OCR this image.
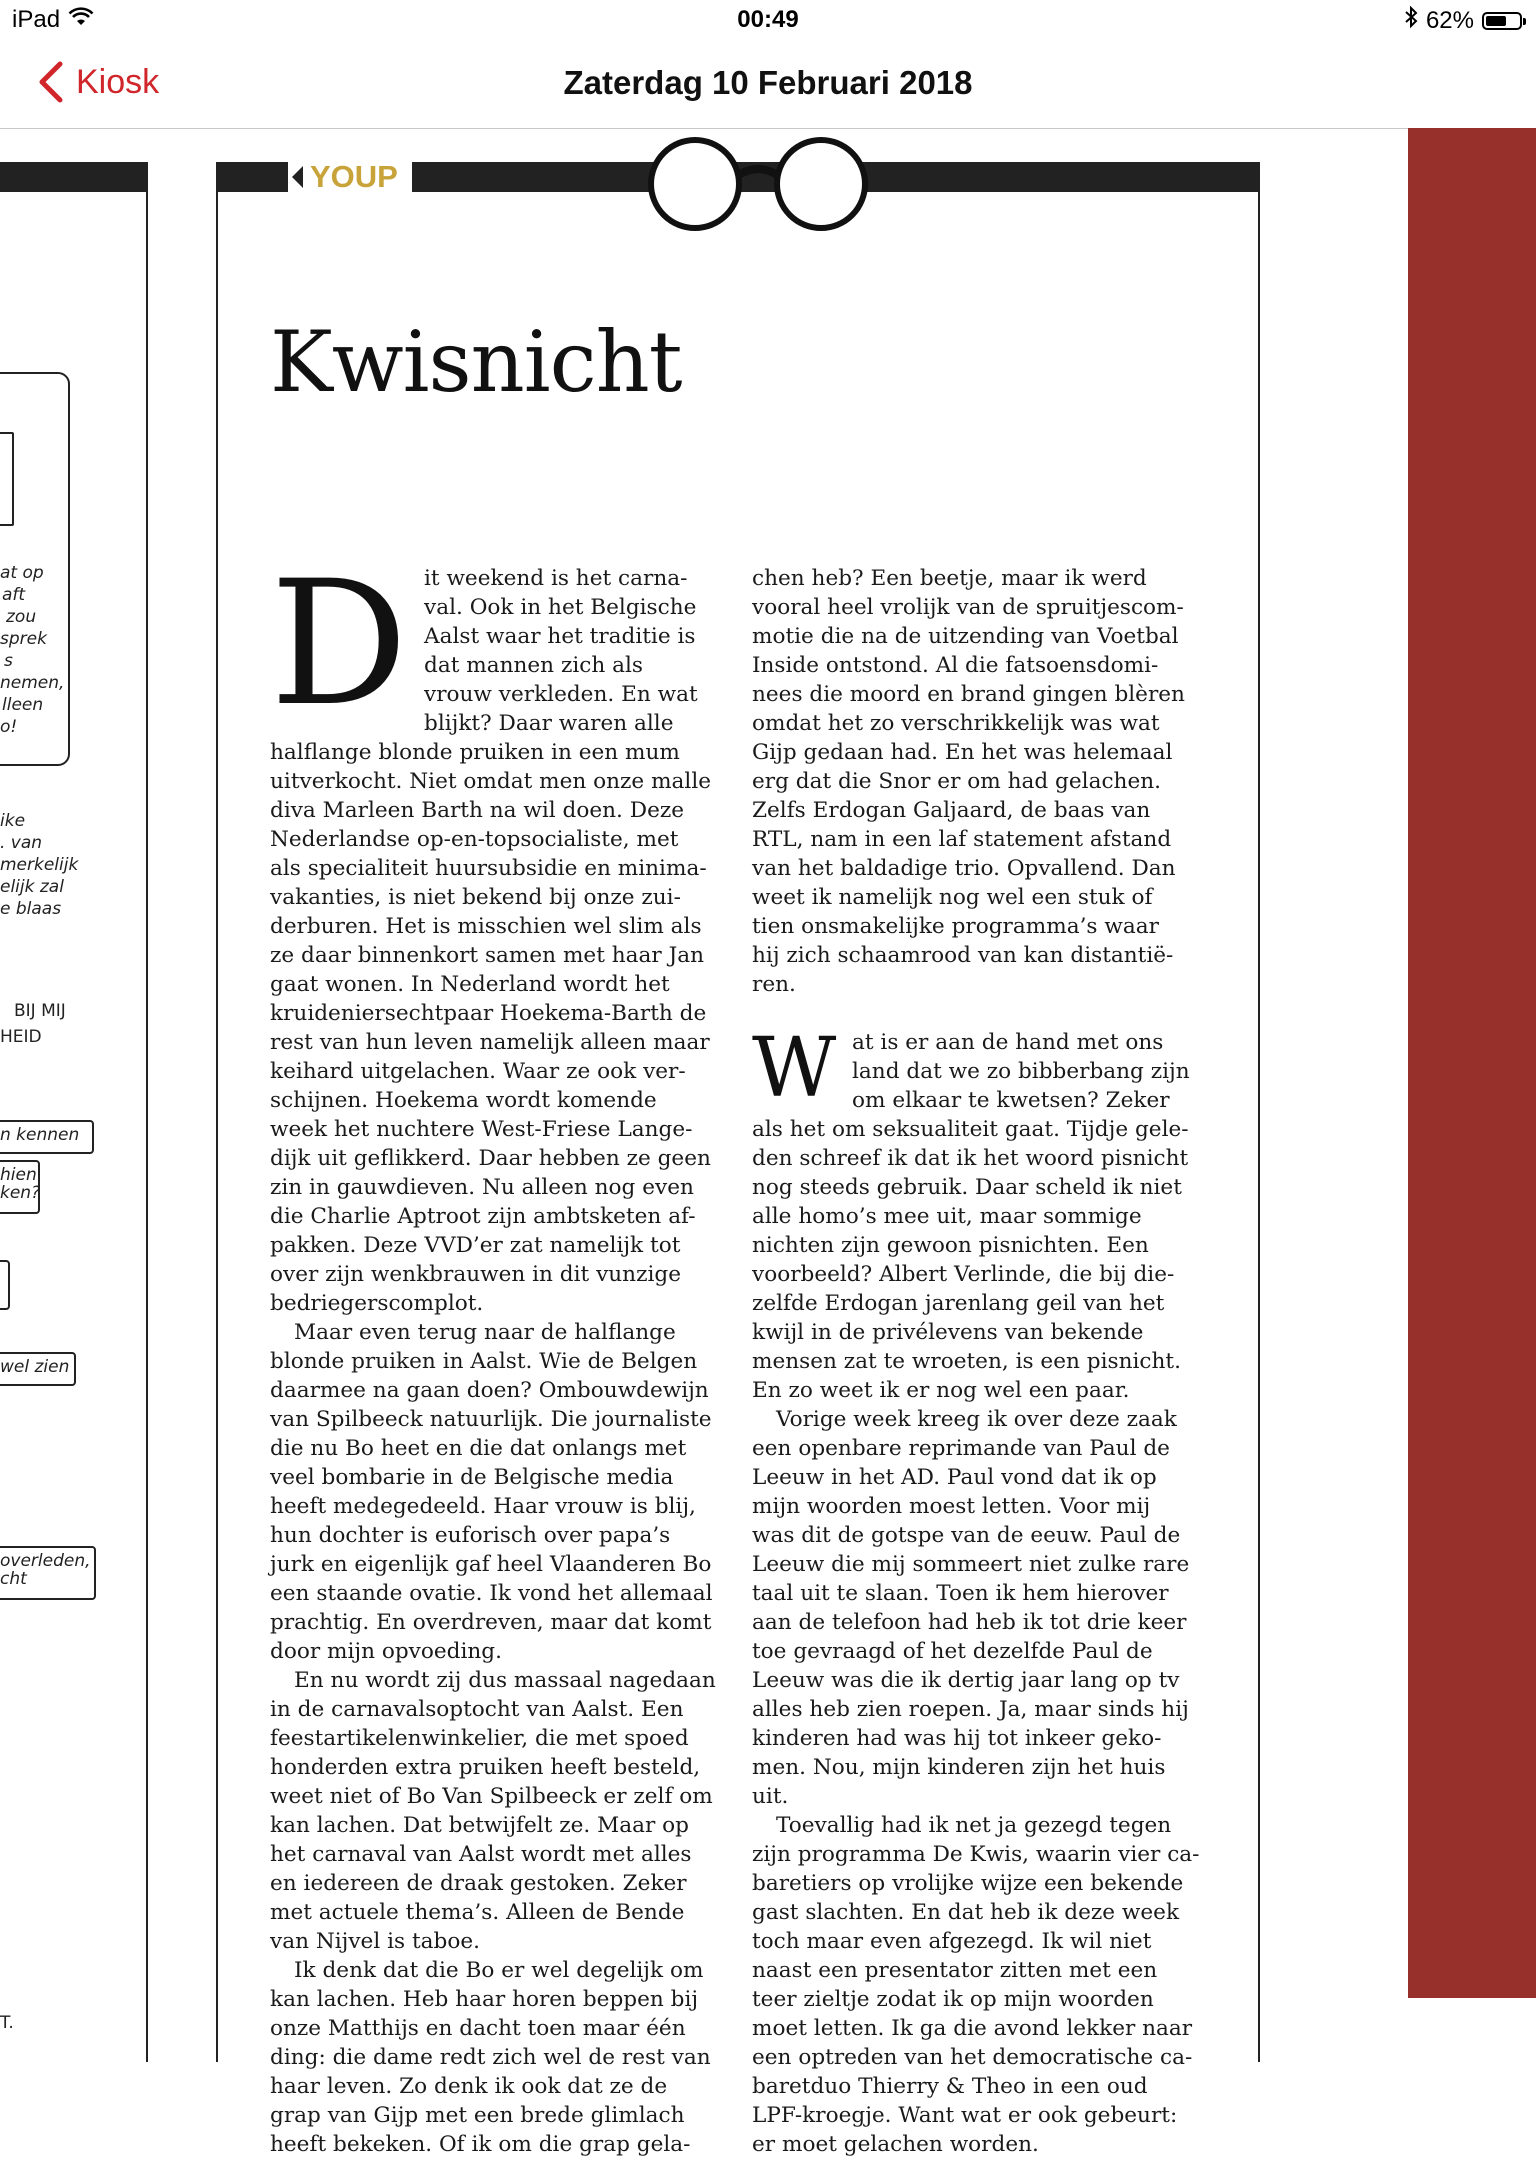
iPad	00:49	62%
Kiosk	Zaterdag 10 Februari 2018
at op
aft
zou
sprek
s
nemen,
lleen
o!
ike
. van
merkelijk
elijk zal
e blaas
BIJ MIJ
HEID
n kennen
hien
ken?
wel zien
overleden,
cht
T.
YOUP
Kwisnicht
D it weekend is het carna-

val. Ook in het Belgische

Aalst waar het traditie is

dat mannen zich als

vrouw verkleden. En wat

blijkt? Daar waren alle

halflange blonde pruiken in een mum

uitverkocht. Niet omdat men onze malle

diva Marleen Barth na wil doen. Deze

Nederlandse op-en-topsocialiste, met

als specialiteit huursubsidie en minima-

vakanties, is niet bekend bij onze zui-

derburen. Het is misschien wel slim als

ze daar binnenkort samen met haar Jan

gaat wonen. In Nederland wordt het

kruideniersechtpaar Hoekema-Barth de

rest van hun leven namelijk alleen maar

keihard uitgelachen. Waar ze ook ver-

schijnen. Hoekema wordt komende

week het nuchtere West-Friese Lange-

dijk uit geflikkerd. Daar hebben ze geen

zin in gauwdieven. Nu alleen nog even

die Charlie Aptroot zijn ambtsketen af-

pakken. Deze VVD’er zat namelijk tot

over zijn wenkbrauwen in dit vunzige

bedriegerscomplot.

Maar even terug naar de halflange

blonde pruiken in Aalst. Wie de Belgen

daarmee na gaan doen? Ombouwdewijn

van Spilbeeck natuurlijk. Die journaliste

die nu Bo heet en die dat onlangs met

veel bombarie in de Belgische media

heeft medegedeeld. Haar vrouw is blij,

hun dochter is euforisch over papa’s

jurk en eigenlijk gaf heel Vlaanderen Bo

een staande ovatie. Ik vond het allemaal

prachtig. En overdreven, maar dat komt

door mijn opvoeding.

En nu wordt zij dus massaal nagedaan

in de carnavalsoptocht van Aalst. Een

feestartikelenwinkelier, die met spoed

honderden extra pruiken heeft besteld,

weet niet of Bo Van Spilbeeck er zelf om

kan lachen. Dat betwijfelt ze. Maar op

het carnaval van Aalst wordt met alles

en iedereen de draak gestoken. Zeker

met actuele thema’s. Alleen de Bende

van Nijvel is taboe.

Ik denk dat die Bo er wel degelijk om

kan lachen. Heb haar horen beppen bij

onze Matthijs en dacht toen maar één

ding: die dame redt zich wel de rest van

haar leven. Zo denk ik ook dat ze de

grap van Gijp met een brede glimlach

heeft bekeken. Of ik om die grap gela-

chen heb? Een beetje, maar ik werd

vooral heel vrolijk van de spruitjescom-

motie die na de uitzending van Voetbal

Inside ontstond. Al die fatsoensdomi-

nees die moord en brand gingen blèren

omdat het zo verschrikkelijk was wat

Gijp gedaan had. En het was helemaal

erg dat die Snor er om had gelachen.

Zelfs Erdogan Galjaard, de baas van

RTL, nam in een laf statement afstand

van het baldadige trio. Opvallend. Dan

weet ik namelijk nog wel een stuk of

tien onsmakelijke programma’s waar

hij zich schaamrood van kan distantië-

ren.

W at is er aan de hand met ons

land dat we zo bibberbang zijn

om elkaar te kwetsen? Zeker

als het om seksualiteit gaat. Tijdje gele-

den schreef ik dat ik het woord pisnicht

nog steeds gebruik. Daar scheld ik niet

alle homo’s mee uit, maar sommige

nichten zijn gewoon pisnichten. Een

voorbeeld? Albert Verlinde, die bij die-

zelfde Erdogan jarenlang geil van het

kwijl in de privélevens van bekende

mensen zat te wroeten, is een pisnicht.

En zo weet ik er nog wel een paar.

Vorige week kreeg ik over deze zaak

een openbare reprimande van Paul de

Leeuw in het AD. Paul vond dat ik op

mijn woorden moest letten. Voor mij

was dit de gotspe van de eeuw. Paul de

Leeuw die mij sommeert niet zulke rare

taal uit te slaan. Toen ik hem hierover

aan de telefoon had heb ik tot drie keer

toe gevraagd of het dezelfde Paul de

Leeuw was die ik dertig jaar lang op tv

alles heb zien roepen. Ja, maar sinds hij

kinderen had was hij tot inkeer geko-

men. Nou, mijn kinderen zijn het huis

uit.

Toevallig had ik net ja gezegd tegen

zijn programma De Kwis, waarin vier ca-

baretiers op vrolijke wijze een bekende

gast slachten. En dat heb ik deze week

toch maar even afgezegd. Ik wil niet

naast een presentator zitten met een

teer zieltje zodat ik op mijn woorden

moet letten. Ik ga die avond lekker naar

een optreden van het democratische ca-

baretduo Thierry & Theo in een oud

LPF-kroegje. Want wat er ook gebeurt:

er moet gelachen worden.
